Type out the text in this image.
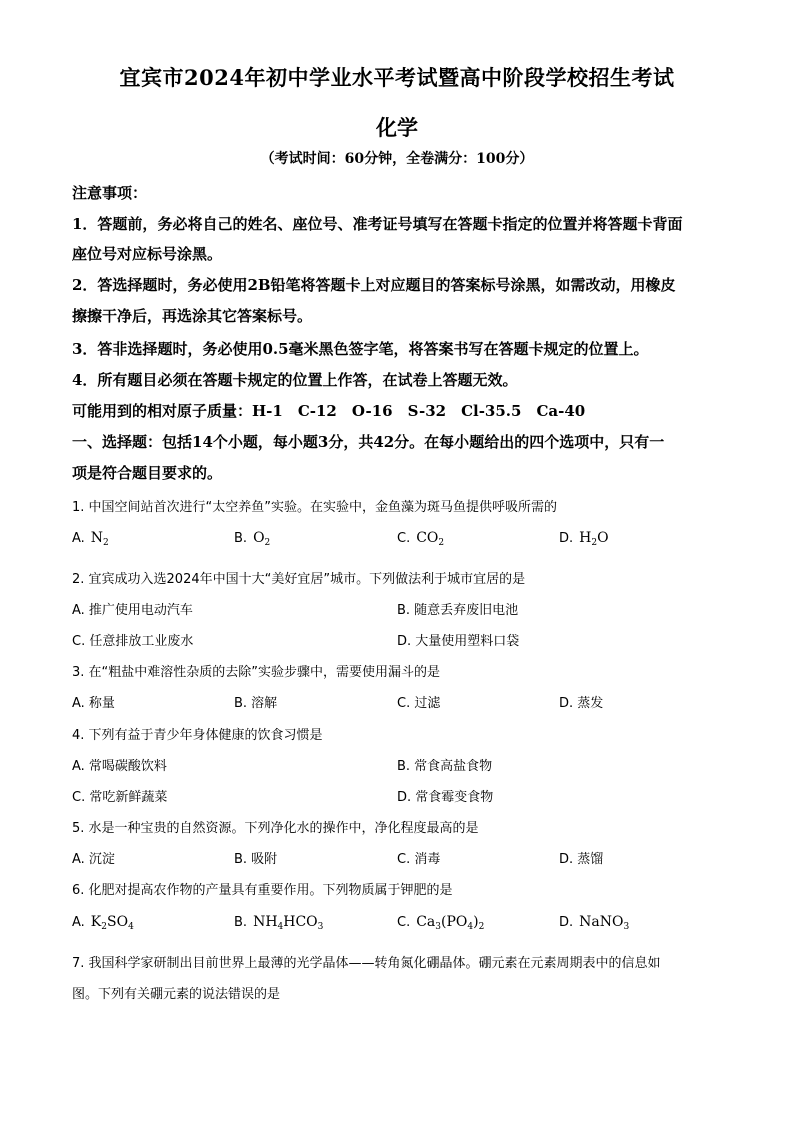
宜宾市2024年初中学业水平考试暨高中阶段学校招生考试
化学
（考试时间：60分钟，全卷满分：100分）
注意事项：
1．答题前，务必将自己的姓名、座位号、准考证号填写在答题卡指定的位置并将答题卡背面
座位号对应标号涂黑。
2．答选择题时，务必使用2B铅笔将答题卡上对应题目的答案标号涂黑，如需改动，用橡皮
擦擦干净后，再选涂其它答案标号。
3．答非选择题时，务必使用0.5毫米黑色签字笔，将答案书写在答题卡规定的位置上。
4．所有题目必须在答题卡规定的位置上作答，在试卷上答题无效。
可能用到的相对原子质量：H-1　C-12　O-16　S-32　Cl-35.5　Ca-40
一、选择题：包括14个小题，每小题3分，共42分。在每小题给出的四个选项中，只有一
项是符合题目要求的。
1. 中国空间站首次进行“太空养鱼”实验。在实验中，金鱼藻为斑马鱼提供呼吸所需的
A. $N_2$	B. $O_2$	C. $CO_2$	D. $H_2O$
2. 宜宾成功入选2024年中国十大“美好宜居”城市。下列做法利于城市宜居的是
A. 推广使用电动汽车	B. 随意丢弃废旧电池
C. 任意排放工业废水	D. 大量使用塑料口袋
3. 在“粗盐中难溶性杂质的去除”实验步骤中，需要使用漏斗的是
A. 称量	B. 溶解	C. 过滤	D. 蒸发
4. 下列有益于青少年身体健康的饮食习惯是
A. 常喝碳酸饮料	B. 常食高盐食物
C. 常吃新鲜蔬菜	D. 常食霉变食物
5. 水是一种宝贵的自然资源。下列净化水的操作中，净化程度最高的是
A. 沉淀	B. 吸附	C. 消毒	D. 蒸馏
6. 化肥对提高农作物的产量具有重要作用。下列物质属于钾肥的是
A. $K_2SO_4$	B. $NH_4HCO_3$	C. $Ca_3(PO_4)_2$	D. NaNO$_3$
7. 我国科学家研制出目前世界上最薄的光学晶体——转角氮化硼晶体。硼元素在元素周期表中的信息如
图。下列有关硼元素的说法错误的是
